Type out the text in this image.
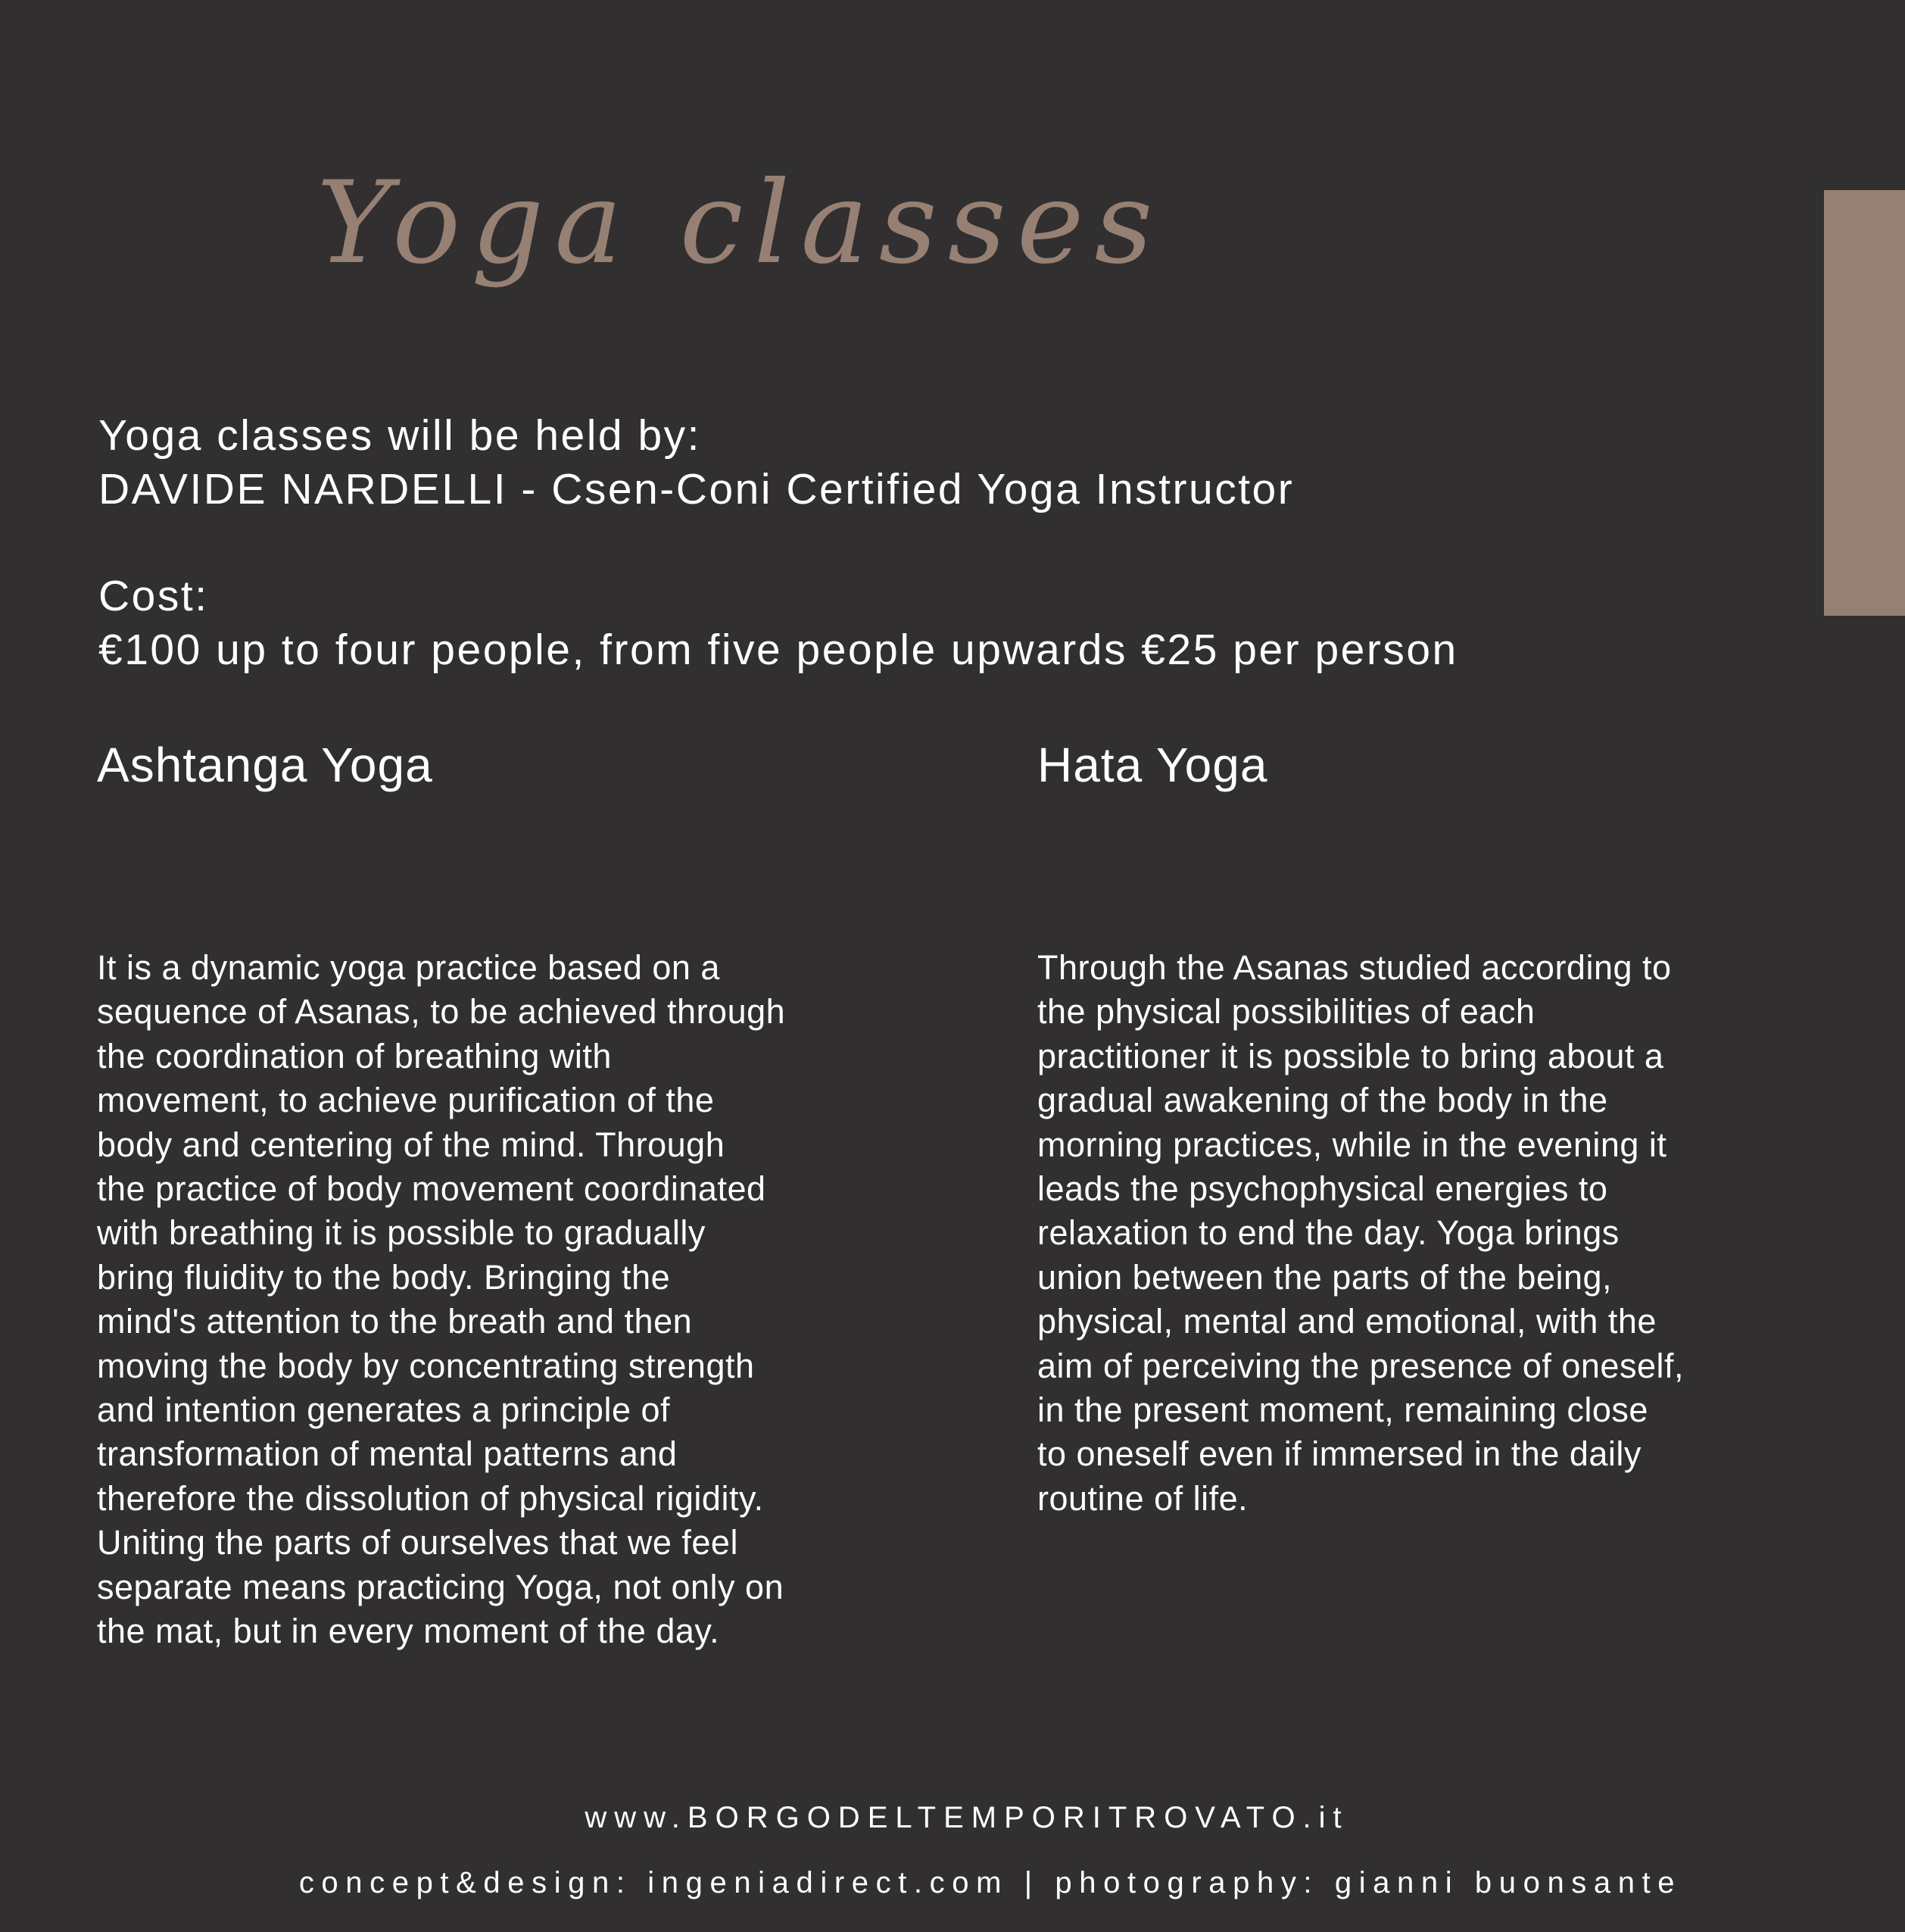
Yoga classes

Yoga classes will be held by:

DAVIDE NARDELLI - Csen-Coni Certified Yoga Instructor

Cost:

€100 up to four people, from five people upwards €25 per person

Ashtanga Yoga

It is a dynamic yoga practice based on a
sequence of Asanas, to be achieved through
the coordination of breathing with
movement, to achieve purification of the
body and centering of the mind. Through
the practice of body movement coordinated
with breathing it is possible to gradually
bring fluidity to the body. Bringing the
mind's attention to the breath and then
moving the body by concentrating strength
and intention generates a principle of
transformation of mental patterns and
therefore the dissolution of physical rigidity.
Uniting the parts of ourselves that we feel
separate means practicing Yoga, not only on
the mat, but in every moment of the day.

Hata Yoga

Through the Asanas studied according to
the physical possibilities of each
practitioner it is possible to bring about a
gradual awakening of the body in the
morning practices, while in the evening it
leads the psychophysical energies to
relaxation to end the day. Yoga brings
union between the parts of the being,
physical, mental and emotional, with the
aim of perceiving the presence of oneself,
in the present moment, remaining close
to oneself even if immersed in the daily
routine of life.

www.BORGODELTEMPORITROVATO.it
concept&design: ingeniadirect.com | photography: gianni buonsante
